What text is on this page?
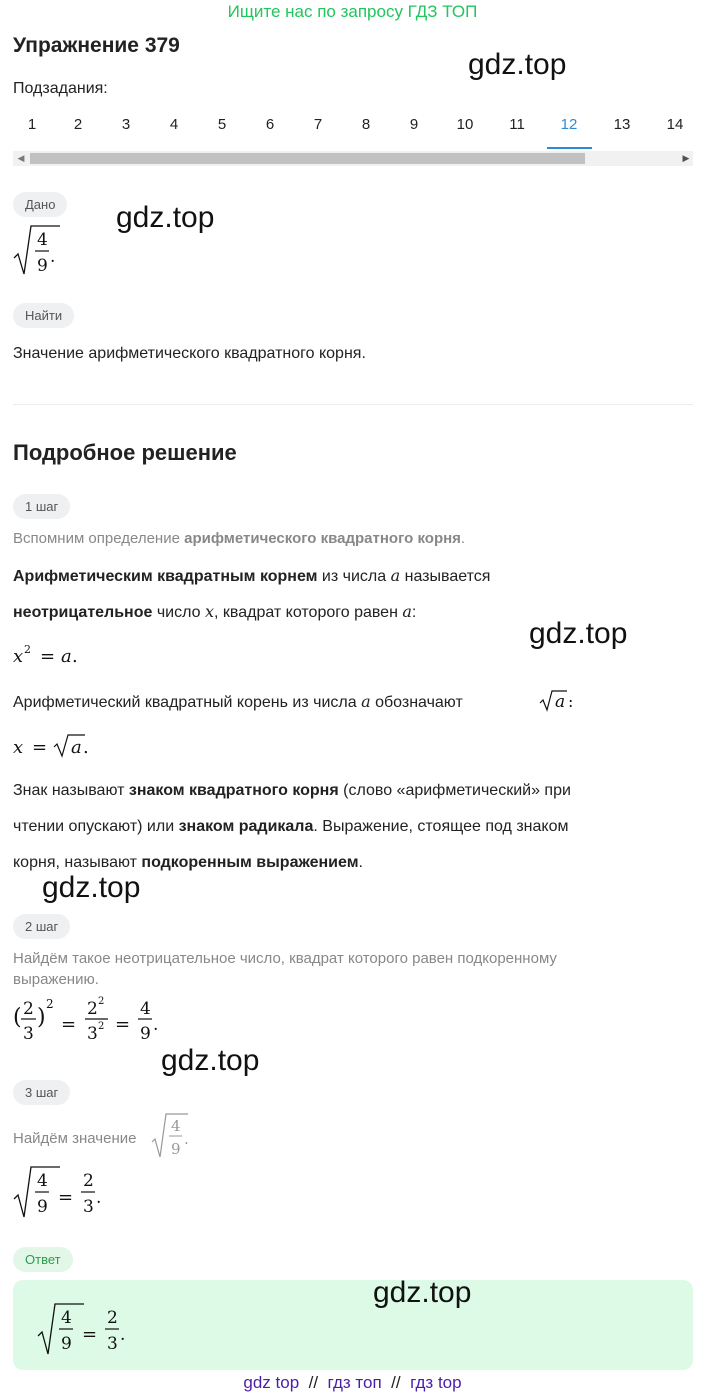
Ищите нас по запросу ГДЗ ТОП
Упражнение 379
gdz.top
Подзадания:
1	2	3	4	5	6	7	8	9	10 11 12 13 14
◀	▶
Дано	gdz.top
4
9 .
Найти
Значение арифметического квадратного корня.
Подробное решение
1 шаг
Вспомним определение арифметического квадратного корня.
Арифметическим квадратным корнем из числа a называется
неотрицательное число x, квадрат которого равен a:
gdz.top
x 2 = a .
Арифметический квадратный корень из числа a обозначают	a :
x = a .
Знак называют знаком квадратного корня (слово «арифметический» при
чтении опускают) или знаком радикала. Выражение, стоящее под знаком
корня, называют подкоренным выражением.
gdz.top
2 шаг
Найдём такое неотрицательное число, квадрат которого равен подкоренному
выражению.
( 2
3
)
2
=
2 2
3 2 =
4
9 .
gdz.top
3 шаг
Найдём значение
4
9
.
4
9 =
2
3 .
Ответ
gdz.top
4
9 =
2
3 .
gdz top // гдз топ // гдз top
